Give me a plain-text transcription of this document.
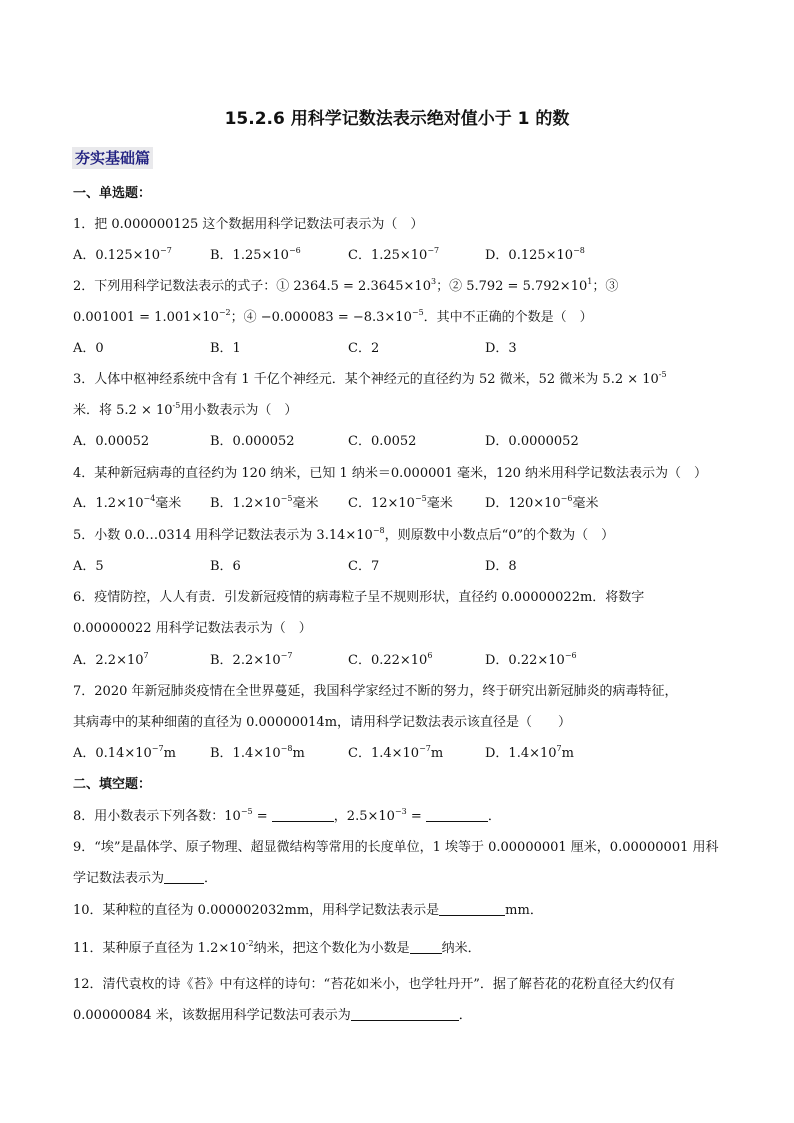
15.2.6 用科学记数法表示绝对值小于 1 的数
夯实基础篇
一、单选题：
1．把 0.000000125 这个数据用科学记数法可表示为（　）
A．$0.125\times 10^{-7}$	B．$1.25\times 10^{-6}$	C．$1.25\times 10^{-7}$	D．$0.125\times 10^{-8}$
2．下列用科学记数法表示的式子：① $2364.5 = 2.3645\times 10^3$；② $5.792 = 5.792\times 10^1$；③
$0.001001 = 1.001\times 10^{-2}$；④ $-0.000083 = -8.3\times 10^{-5}$．其中不正确的个数是（　）
A．0	B．1	C．2	D．3
3．人体中枢神经系统中含有 1 千亿个神经元．某个神经元的直径约为 52 微米，52 微米为 $5.2 \times 10^{-5}$
米．将 $5.2 \times 10^{-5}$用小数表示为（　）
A．0.00052	B．0.000052	C．0.0052	D．0.0000052
4．某种新冠病毒的直径约为 120 纳米，已知 1 纳米＝0.000001 毫米，120 纳米用科学记数法表示为（　）
A．$1.2\times 10^{-4}$毫米 B．$1.2\times 10^{-5}$毫米 C．$12\times 10^{-5}$毫米 D．$120\times 10^{-6}$毫米
5．小数 0.0…0314 用科学记数法表示为 $3.14\times 10^{-8}$，则原数中小数点后“0”的个数为（　）
A．5	B．6	C．7	D．8
6．疫情防控，人人有责．引发新冠疫情的病毒粒子呈不规则形状，直径约 0.00000022m．将数字
0.00000022 用科学记数法表示为（　）
A．$2.2\times 10^7$	B．$2.2\times 10^{-7}$	C．$0.22\times 10^6$	D．$0.22\times 10^{-6}$
7．2020 年新冠肺炎疫情在全世界蔓延，我国科学家经过不断的努力，终于研究出新冠肺炎的病毒特征，
其病毒中的某种细菌的直径为 0.00000014m，请用科学记数法表示该直径是（　　）
A．$0.14\times 10^{-7}m$	B．$1.4\times 10^{-8}m$	C．$1.4\times 10^{-7}m$	D．$1.4\times 10^7m$
二、填空题：
8．用小数表示下列各数：$10^{-5}$ =	，$2.5\times 10^{-3}$ =	．
9．“埃”是晶体学、原子物理、超显微结构等常用的长度单位，1 埃等于 0.00000001 厘米，0.00000001 用科
学记数法表示为	．
10．某种粒的直径为 0.000002032mm，用科学记数法表示是	mm．
11．某种原子直径为 $1.2\times 10^{-2}$纳米，把这个数化为小数是 纳米．
12．清代袁枚的诗《苔》中有这样的诗句：“苔花如米小，也学牡丹开”．据了解苔花的花粉直径大约仅有
0.00000084 米，该数据用科学记数法可表示为	．
